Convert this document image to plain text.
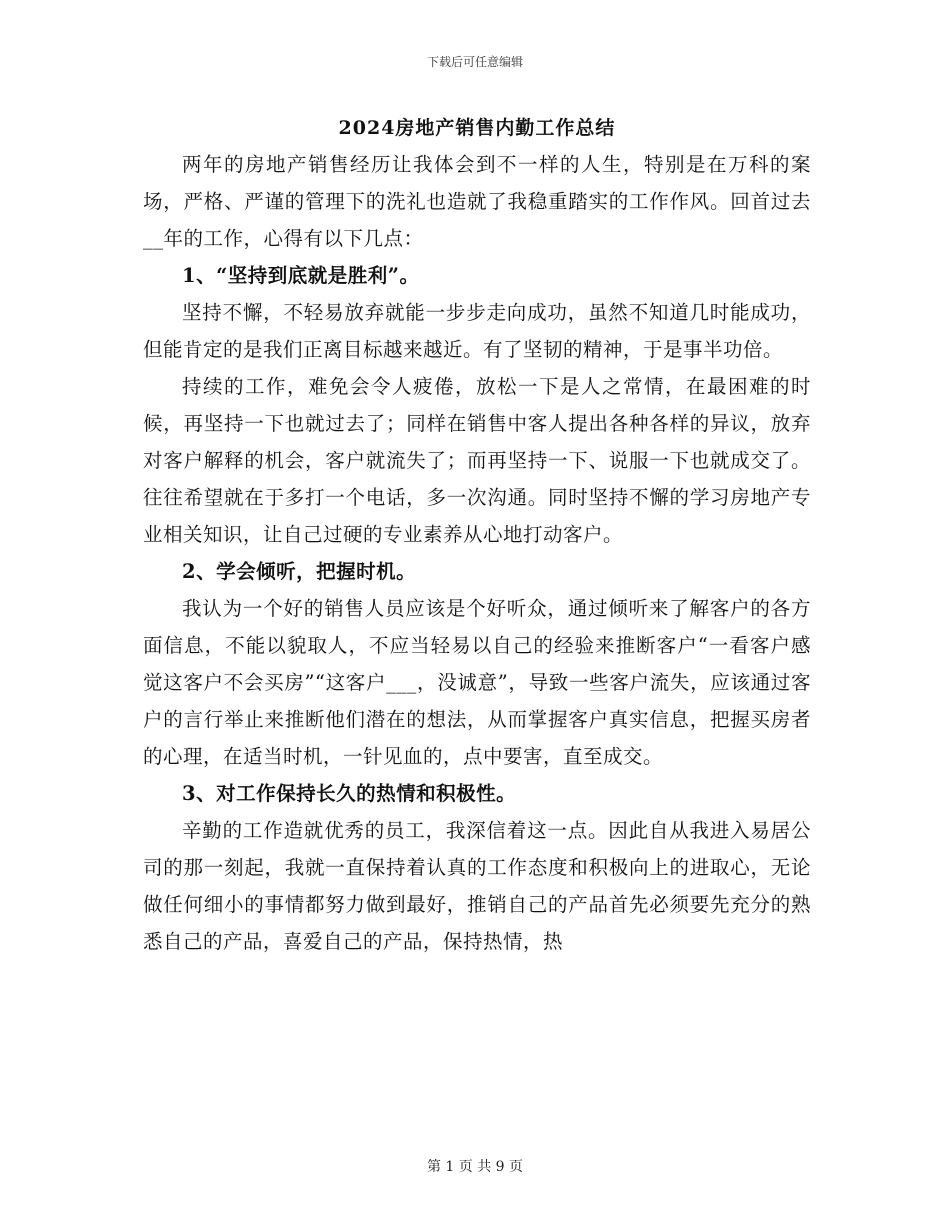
下载后可任意编辑
2024房地产销售内勤工作总结

两年的房地产销售经历让我体会到不一样的人生，特别是在万科的案场，严格、严谨的管理下的洗礼也造就了我稳重踏实的工作作风。回首过去__年的工作，心得有以下几点：

1、“坚持到底就是胜利”。

坚持不懈，不轻易放弃就能一步步走向成功，虽然不知道几时能成功，但能肯定的是我们正离目标越来越近。有了坚韧的精神，于是事半功倍。

持续的工作，难免会令人疲倦，放松一下是人之常情，在最困难的时候，再坚持一下也就过去了；同样在销售中客人提出各种各样的异议，放弃对客户解释的机会，客户就流失了；而再坚持一下、说服一下也就成交了。往往希望就在于多打一个电话，多一次沟通。同时坚持不懈的学习房地产专业相关知识，让自己过硬的专业素养从心地打动客户。

2、学会倾听，把握时机。

我认为一个好的销售人员应该是个好听众，通过倾听来了解客户的各方面信息，不能以貌取人，不应当轻易以自己的经验来推断客户“一看客户感觉这客户不会买房”“这客户___，没诚意”，导致一些客户流失，应该通过客户的言行举止来推断他们潜在的想法，从而掌握客户真实信息，把握买房者的心理，在适当时机，一针见血的，点中要害，直至成交。

3、对工作保持长久的热情和积极性。

辛勤的工作造就优秀的员工，我深信着这一点。因此自从我进入易居公司的那一刻起，我就一直保持着认真的工作态度和积极向上的进取心，无论做任何细小的事情都努力做到最好，推销自己的产品首先必须要先充分的熟悉自己的产品，喜爱自己的产品，保持热情，热

第 1 页 共 9 页
